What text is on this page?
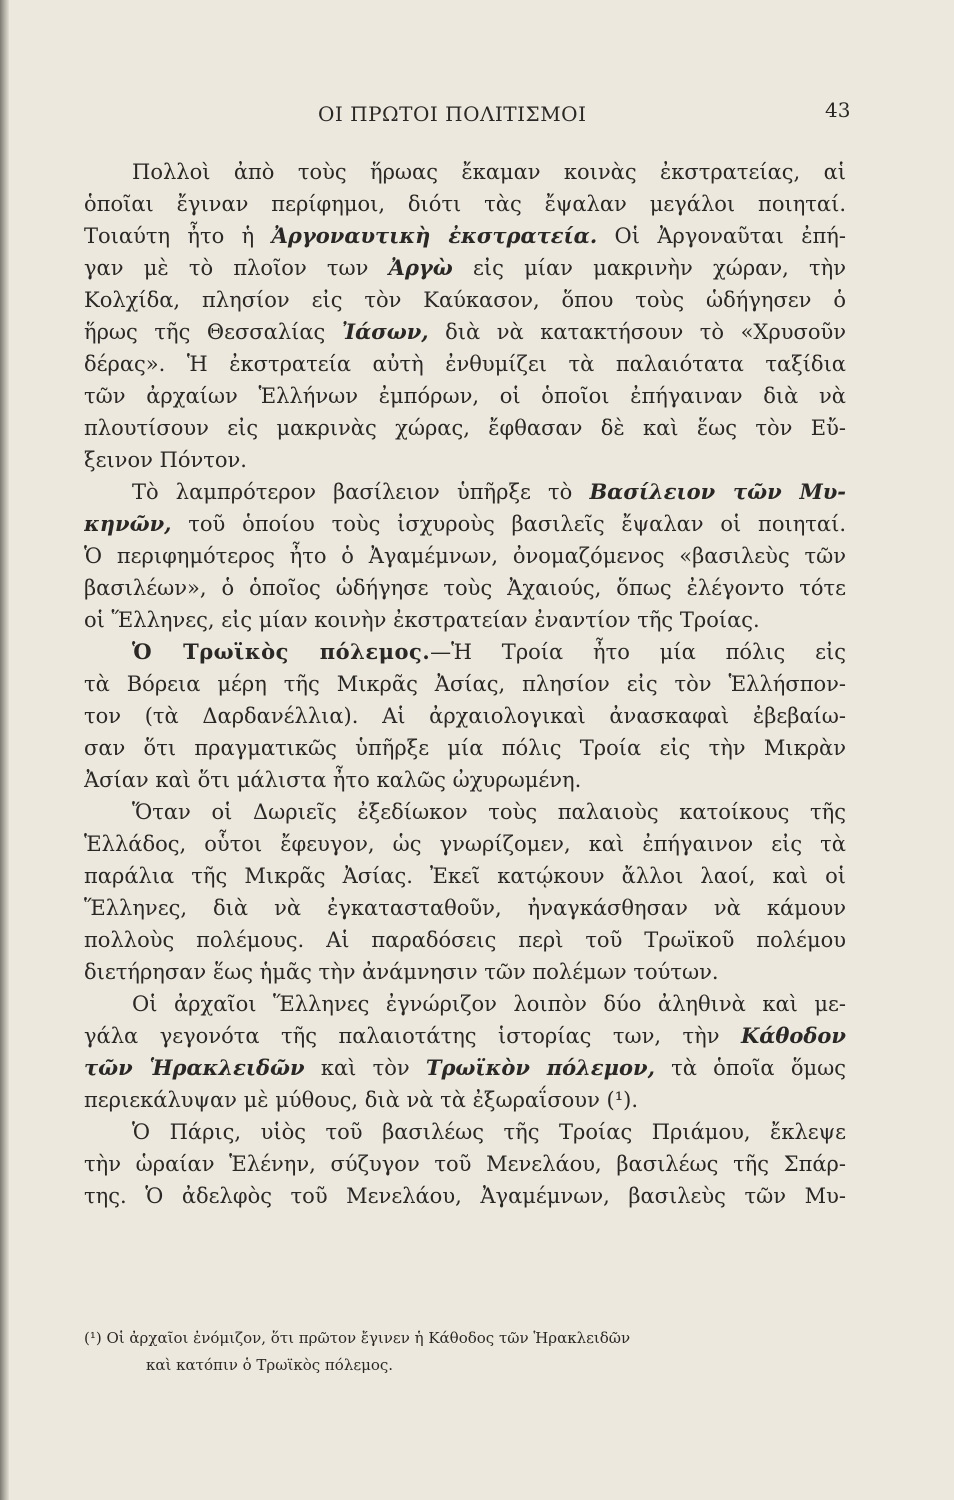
ΟΙ ΠΡΩΤΟΙ ΠΟΛΙΤΙΣΜΟΙ	43
Πολλοὶ ἀπὸ τοὺς ἥρωας ἔκαμαν κοινὰς ἐκστρατείας, αἱ
ὁποῖαι ἔγιναν περίφημοι, διότι τὰς ἔψαλαν μεγάλοι ποιηταί.
Τοιαύτη ἦτο ἡ Ἀργοναυτικὴ ἐκστρατεία. Οἱ Ἀργοναῦται ἐπή-
γαν μὲ τὸ πλοῖον των Ἀργὼ εἰς μίαν μακρινὴν χώραν, τὴν
Κολχίδα, πλησίον εἰς τὸν Καύκασον, ὅπου τοὺς ὡδήγησεν ὁ
ἥρως τῆς Θεσσαλίας Ἰάσων, διὰ νὰ κατακτήσουν τὸ «Χρυσοῦν
δέρας». Ἡ ἐκστρατεία αὐτὴ ἐνθυμίζει τὰ παλαιότατα ταξίδια
τῶν ἀρχαίων Ἑλλήνων ἐμπόρων, οἱ ὁποῖοι ἐπήγαιναν διὰ νὰ
πλουτίσουν εἰς μακρινὰς χώρας, ἔφθασαν δὲ καὶ ἕως τὸν Εὔ-
ξεινον Πόντον.
Τὸ λαμπρότερον βασίλειον ὑπῆρξε τὸ Βασίλειον τῶν Μυ-
κηνῶν, τοῦ ὁποίου τοὺς ἰσχυροὺς βασιλεῖς ἔψαλαν οἱ ποιηταί.
Ὁ περιφημότερος ἦτο ὁ Ἀγαμέμνων, ὀνομαζόμενος «βασιλεὺς τῶν
βασιλέων», ὁ ὁποῖος ὡδήγησε τοὺς Ἀχαιούς, ὅπως ἐλέγοντο τότε
οἱ Ἕλληνες, εἰς μίαν κοινὴν ἐκστρατείαν ἐναντίον τῆς Τροίας.
Ὁ Τρωϊκὸς πόλεμος.—Ἡ Τροία ἦτο μία πόλις εἰς
τὰ Βόρεια μέρη τῆς Μικρᾶς Ἀσίας, πλησίον εἰς τὸν Ἑλλήσπον-
τον (τὰ Δαρδανέλλια). Αἱ ἀρχαιολογικαὶ ἀνασκαφαὶ ἐβεβαίω-
σαν ὅτι πραγματικῶς ὑπῆρξε μία πόλις Τροία εἰς τὴν Μικρὰν
Ἀσίαν καὶ ὅτι μάλιστα ἦτο καλῶς ὠχυρωμένη.
Ὅταν οἱ Δωριεῖς ἐξεδίωκον τοὺς παλαιοὺς κατοίκους τῆς
Ἑλλάδος, οὗτοι ἔφευγον, ὡς γνωρίζομεν, καὶ ἐπήγαινον εἰς τὰ
παράλια τῆς Μικρᾶς Ἀσίας. Ἐκεῖ κατῴκουν ἄλλοι λαοί, καὶ οἱ
Ἕλληνες, διὰ νὰ ἐγκατασταθοῦν, ἠναγκάσθησαν νὰ κάμουν
πολλοὺς πολέμους. Αἱ παραδόσεις περὶ τοῦ Τρωϊκοῦ πολέμου
διετήρησαν ἕως ἡμᾶς τὴν ἀνάμνησιν τῶν πολέμων τούτων.
Οἱ ἀρχαῖοι Ἕλληνες ἐγνώριζον λοιπὸν δύο ἀληθινὰ καὶ με-
γάλα γεγονότα τῆς παλαιοτάτης ἱστορίας των, τὴν Κάθοδον
τῶν Ἡρακλειδῶν καὶ τὸν Τρωϊκὸν πόλεμον, τὰ ὁποῖα ὅμως
περιεκάλυψαν μὲ μύθους, διὰ νὰ τὰ ἐξωραΐσουν (¹).
Ὁ Πάρις, υἱὸς τοῦ βασιλέως τῆς Τροίας Πριάμου, ἔκλεψε
τὴν ὡραίαν Ἑλένην, σύζυγον τοῦ Μενελάου, βασιλέως τῆς Σπάρ-
της. Ὁ ἀδελφὸς τοῦ Μενελάου, Ἀγαμέμνων, βασιλεὺς τῶν Μυ-
(¹) Οἱ ἀρχαῖοι ἐνόμιζον, ὅτι πρῶτον ἔγινεν ἡ Κάθοδος τῶν Ἡρακλειδῶν
καὶ κατόπιν ὁ Τρωϊκὸς πόλεμος.
